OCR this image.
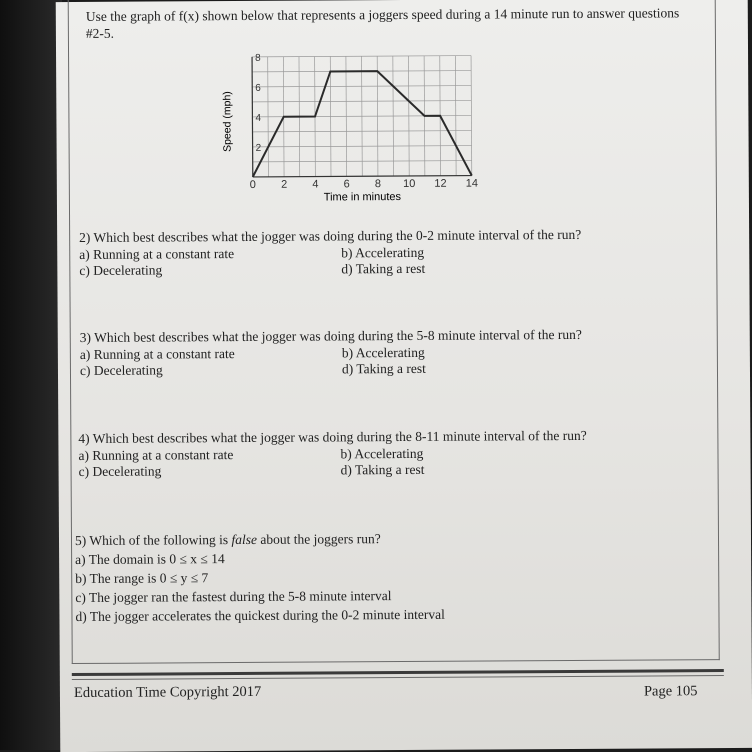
Use the graph of f(x) shown below that represents a joggers speed during a 14 minute run to answer questions #2-5.
0 2 4 6 8 10 12 14
2
4
6
8
Time in minutes
Speed (mph)
2) Which best describes what the jogger was doing during the 0-2 minute interval of the run?
a) Running at a constant rate	b) Accelerating
c) Decelerating	d) Taking a rest
3) Which best describes what the jogger was doing during the 5-8 minute interval of the run?
a) Running at a constant rate	b) Accelerating
c) Decelerating	d) Taking a rest
4) Which best describes what the jogger was doing during the 8-11 minute interval of the run?
a) Running at a constant rate	b) Accelerating
c) Decelerating	d) Taking a rest
5) Which of the following is false about the joggers run?
a) The domain is 0 ≤ x ≤ 14
b) The range is 0 ≤ y ≤ 7
c) The jogger ran the fastest during the 5-8 minute interval
d) The jogger accelerates the quickest during the 0-2 minute interval
Education Time Copyright 2017	Page 105
